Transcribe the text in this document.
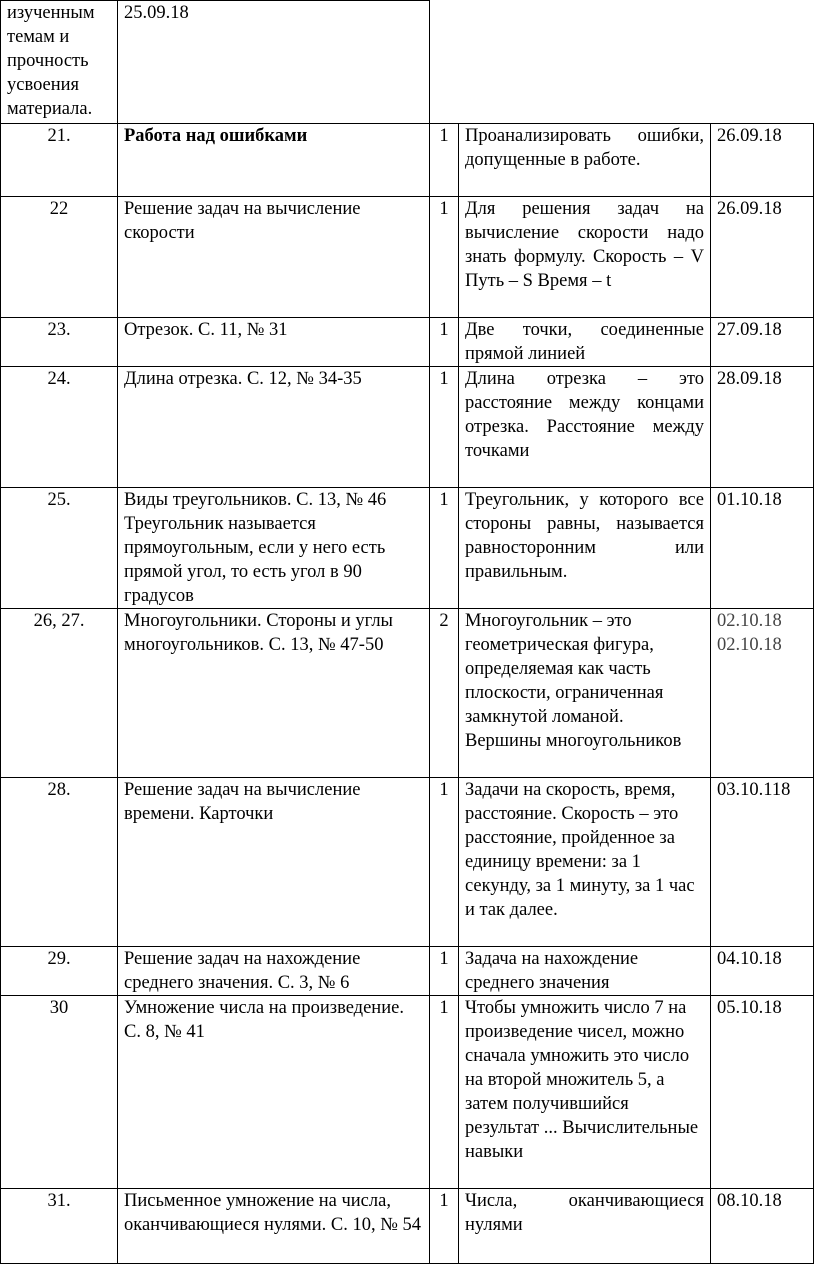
изученным
темам и
прочность
усвоения
материала.	25.09.18			
21.	Работа над ошибками	1	Проанализировать ошибки, допущенные в работе.	26.09.18
22	Решение задач на вычисление скорости	1	Для решения задач на вычисление скорости надо знать формулу. Скорость – V Путь – S Время – t	26.09.18
23.	Отрезок. С. 11, № 31	1	Две точки, соединенные прямой линией	27.09.18
24.	Длина отрезка. С. 12, № 34-35	1	Длина отрезка – это расстояние между концами отрезка. Расстояние между точками	28.09.18
25.	Виды треугольников. С. 13, № 46 Треугольник называется прямоугольным, если у него есть прямой угол, то есть угол в 90 градусов	1	Треугольник, у которого все стороны равны, называется равносторонним или правильным.	01.10.18
26, 27.	Многоугольники. Стороны и углы многоугольников. С. 13, № 47-50	2	Многоугольник – это геометрическая фигура, определяемая как часть плоскости, ограниченная замкнутой ломаной. Вершины многоугольников	02.10.18
02.10.18

28.	Решение задач на вычисление времени. Карточки	1	Задачи на скорость, время, расстояние. Скорость – это расстояние, пройденное за единицу времени: за 1 секунду, за 1 минуту, за 1 час и так далее.	03.10.118
29.	Решение задач на нахождение среднего значения. С. 3, № 6	1	Задача на нахождение среднего значения	04.10.18
30	Умножение числа на произведение. С. 8, № 41	1	Чтобы умножить число 7 на произведение чисел, можно сначала умножить это число на второй множитель 5, а затем получившийся результат ... Вычислительные навыки	05.10.18
31.	Письменное умножение на числа, оканчивающиеся нулями. С. 10, № 54	1	Числа, оканчивающиеся нулями	08.10.18
